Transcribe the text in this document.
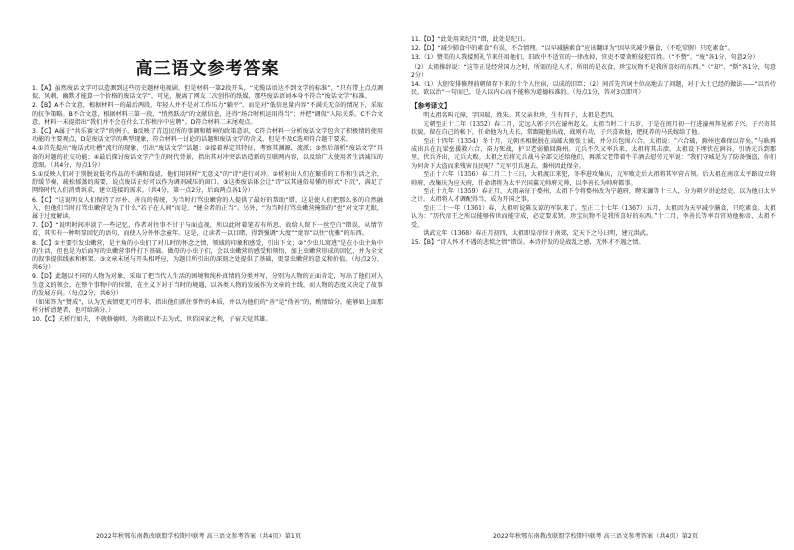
高三语文参考答案

1.【A】虽然废话文学可以造测到这些历史题材电视剧，但是材料一第2段开头，“光缆话语达不到文学的标准”、“只有带上点点调侃、风刺、幽默才能算一个价格的废话文学”，可见，脱离了网友二次创作的纸媒，那些废话语词本身不符合“废话文学”标准。

2.【B】A不合文意，根据材料一的最后两段，年轻人并不是对工作压力“躺平”，而是对“低信息量内容”不满关无奈的情况下，采取的抗争策略。B不合文意，根据材料三第一段，“悄然跃动”的文献信息，还得“场合时机运用得当”；并把“调侃”人际关系。C不合文意，材料一未提指出“我们并不会在什么工作秩序中应聘”。D符合材料二末尾观点。

3.【C】A属于“共乐赛文学”的例子，B反映了青迈民所的事调和精神的政策意识，C符合材料一分析废话文学包含了积极情的使用功能的主要观点，D是废话文学的典型现象，符合材料一讨论的话题和废话文学的含义，但是不及C选项符合题干要求。

4.①首先提出“废话式吐槽”流行的现象，引出“废话文学”话题；②接着界定其特征，考察其渊源、流派；③然后剖析“废话文学”具备的对题的社交功能；④最后探讨废话文学产生的时代背景，指出其对冲突话语造新的互联网内容，以及给广大使用者生活减压的意图。（共4分，每点1分）

5.①反映人们对于别脱说低劣作品的不满和戏谑，他们用同样“无意义”的“诗”进行对冲。②析射出人们在繁重的工作和生活之余，舒缓节奏，疏松郁蒸的需要，说点废话正好可以作为调剂减压的窗口。③这类废话体会让“诗”以其通俗易懂的形式“下沉”，满足了网络时代人们消费诉求，建立连接的需求。（共4分，第一点2分，后面两点各1分）

6.【C】“这说明女人们保持了淳朴、善良的传统，为当时打骂虫嫩营的人提供了最好的帮助”错，这是使人们把那么多的自然融入，但他们当时打骂虫嫩营是为了什么“若子在人间”而是，“健全者的正当”。另外，“为当时打骂虫嫩营掩饰的”也“对文字无眼，属于过度解读。

7.【D】“说明时间冲淡了一些记忆，作者对往事不甘于与面直视，所以此时着笔若有所思，故给人留下一丝空白”错误，从情节看，其实有一种明显回忆的语句，而使人分外怀念童年。这是，让读者一以目睹，得到强调“大度”“宽容”以往“优雅”的东西。

8.【C】①主要引发虫嫩营，是主角的小虫们了对儿时的怀念之情，领域的印象和感受，引出下文；②“少虫儿窝逃”是在小虫主角中的生活，但也是为后面写的虫嫩营事件打下基础。做母的小虫子们，会以虫嫩营的感受和领悟，加上虫嫩营形成的回忆，并为全文的叙事提供线索和框架。③文章末尾与开头相呼应，为题目所引出的深刻之处提供了基础，更显虫嫩营的意义和价值。（每点2分，共6分）

9.【D】此题以不同的人物为对象，采取了把当代人生活的困境和纯朴真情的分类并写，分别为人物的正面肯定，写出了他们对人生意义的领会，在整个事物中的位置，在主义下对于当时的境遇，以各类人物的发展作为文章的主线，而人物的态度又决定了故事的发展方向。（每点2分，共6分）

（如果答为“赞成”，认为无表情更无可厚非，指出他们抓住事件的本质，并以为他们的“善”是“伪善”的，酌情给分。能够如上面那样分析清楚者，也可给满分。）

10.【C】夫析行如夫，不就修德师，为将就以不去为式，世俗国家之利，子宿夫觉其雄。

2022年秋鄂东南教改联盟学校期中联考 高三语文参考答案（共4页）第1页

11.【D】“此处用来纪月”错，此处是纪日。

12.【D】“减少肺食中的素食”有误，不合情理。“以早减膳素食”应该翻译为“因早灾减少膳食，（不吃荤腥）只吃素食”。

13.（1）赞美的人我接照礼节来任用他们，旧政中不适宜的一律改掉，官吏不要贪赃侵犯百姓。（“不赞”、“废”各1分，句意2分）

（2）太祖推辞说：“这等正是经营国力之时，所需的是人才，所用的是衣食，珍宝玩物不是我所喜好的东西。”（“却”、“斯”各1分，句意2分）

14.（1）大胆安排修理前朝留存下来的十个人住宿，以成的旧臣；（2）间首先宫词主位高地去了问题，对于大士已经的做法——“以吾侍民，欲以治”一句而已，是人以内心而不能称为道德标准的。（每点1分，答对3点即可）

【参考译文】

明太祖名叫元璋，字国瑞，姓朱。其父亲世珍，生有四子，太祖是老四。

元朝至正十二年（1352）春二月，定远人郭子兴在濠州起义。太祖当时二十五岁，于是在闰月初一行进濠州拜见郭子兴。子兴奇其状貌，留在自己的帐下，任命他为九夫长，常跟随他出战，战则有功，子兴喜欢他，把抚养的马氏嫁给了他。

至正十四年（1354）冬十月，元朝丞相脱脱在高邮大败张士诚，并分兵包围六合。太祖说：“六合破，滁州也难保以存矣。”与耿再成出兵在瓦梁垒援救六合，奋力死战，护卫老弱撤回滁州。元兵不久又率兵来，太祖将其击溃。太祖设下埋伏在涧谷，引诱元兵到那里，伏兵齐出，元兵大败。太祖之后将元兵战马全部交还给他们，再派父老带着牛羊酒去慰劳元军说：“我们守城是为了防备强盗，你们为何舍下大盗而来残害良民呢？”元军引兵退去，滁州因此保全。

至正十六年（1356）春二月二十三日，大祖渡江来犯，冬季进攻集庆，元军败走后大祖将其军营占领。后大祖在南京太平路设立将帅府，改集庆为应天府，任命诸将为太平兴国翼元帅府元帅，以李善长为帅府都事。

至正十九年（1359）春正月，大祖亲征于婺州，太祖下令将婺州改为宁越府，聘宋濂等十三人，分为朝夕讲论经史，以为他日太平之计。太祖将人才调配得当，成为开国之事。

至正二十一年（1361）春，大祖听说陈友谅的军队来了。至正二十七年（1367）五月，太祖因为天旱减少膳食，只吃素食。太祖认为：“历代帝王之所以能够传世而能守成，必定要求贤，珍宝玩物不是我所喜好的东西。”十二月，李善长等率百官劝他称帝，太祖不受。

洪武元年（1368）春正月初四，太祖即皇帝位于南郊，定天下之号曰明，建元洪武。

15.【B】“诗人怀才不遇的悲愤之情”错误。本诗抒发的是战乱之感，无怀才不遇之情。

2022年秋鄂东南教改联盟学校期中联考 高三语文参考答案（共4页）第2页
